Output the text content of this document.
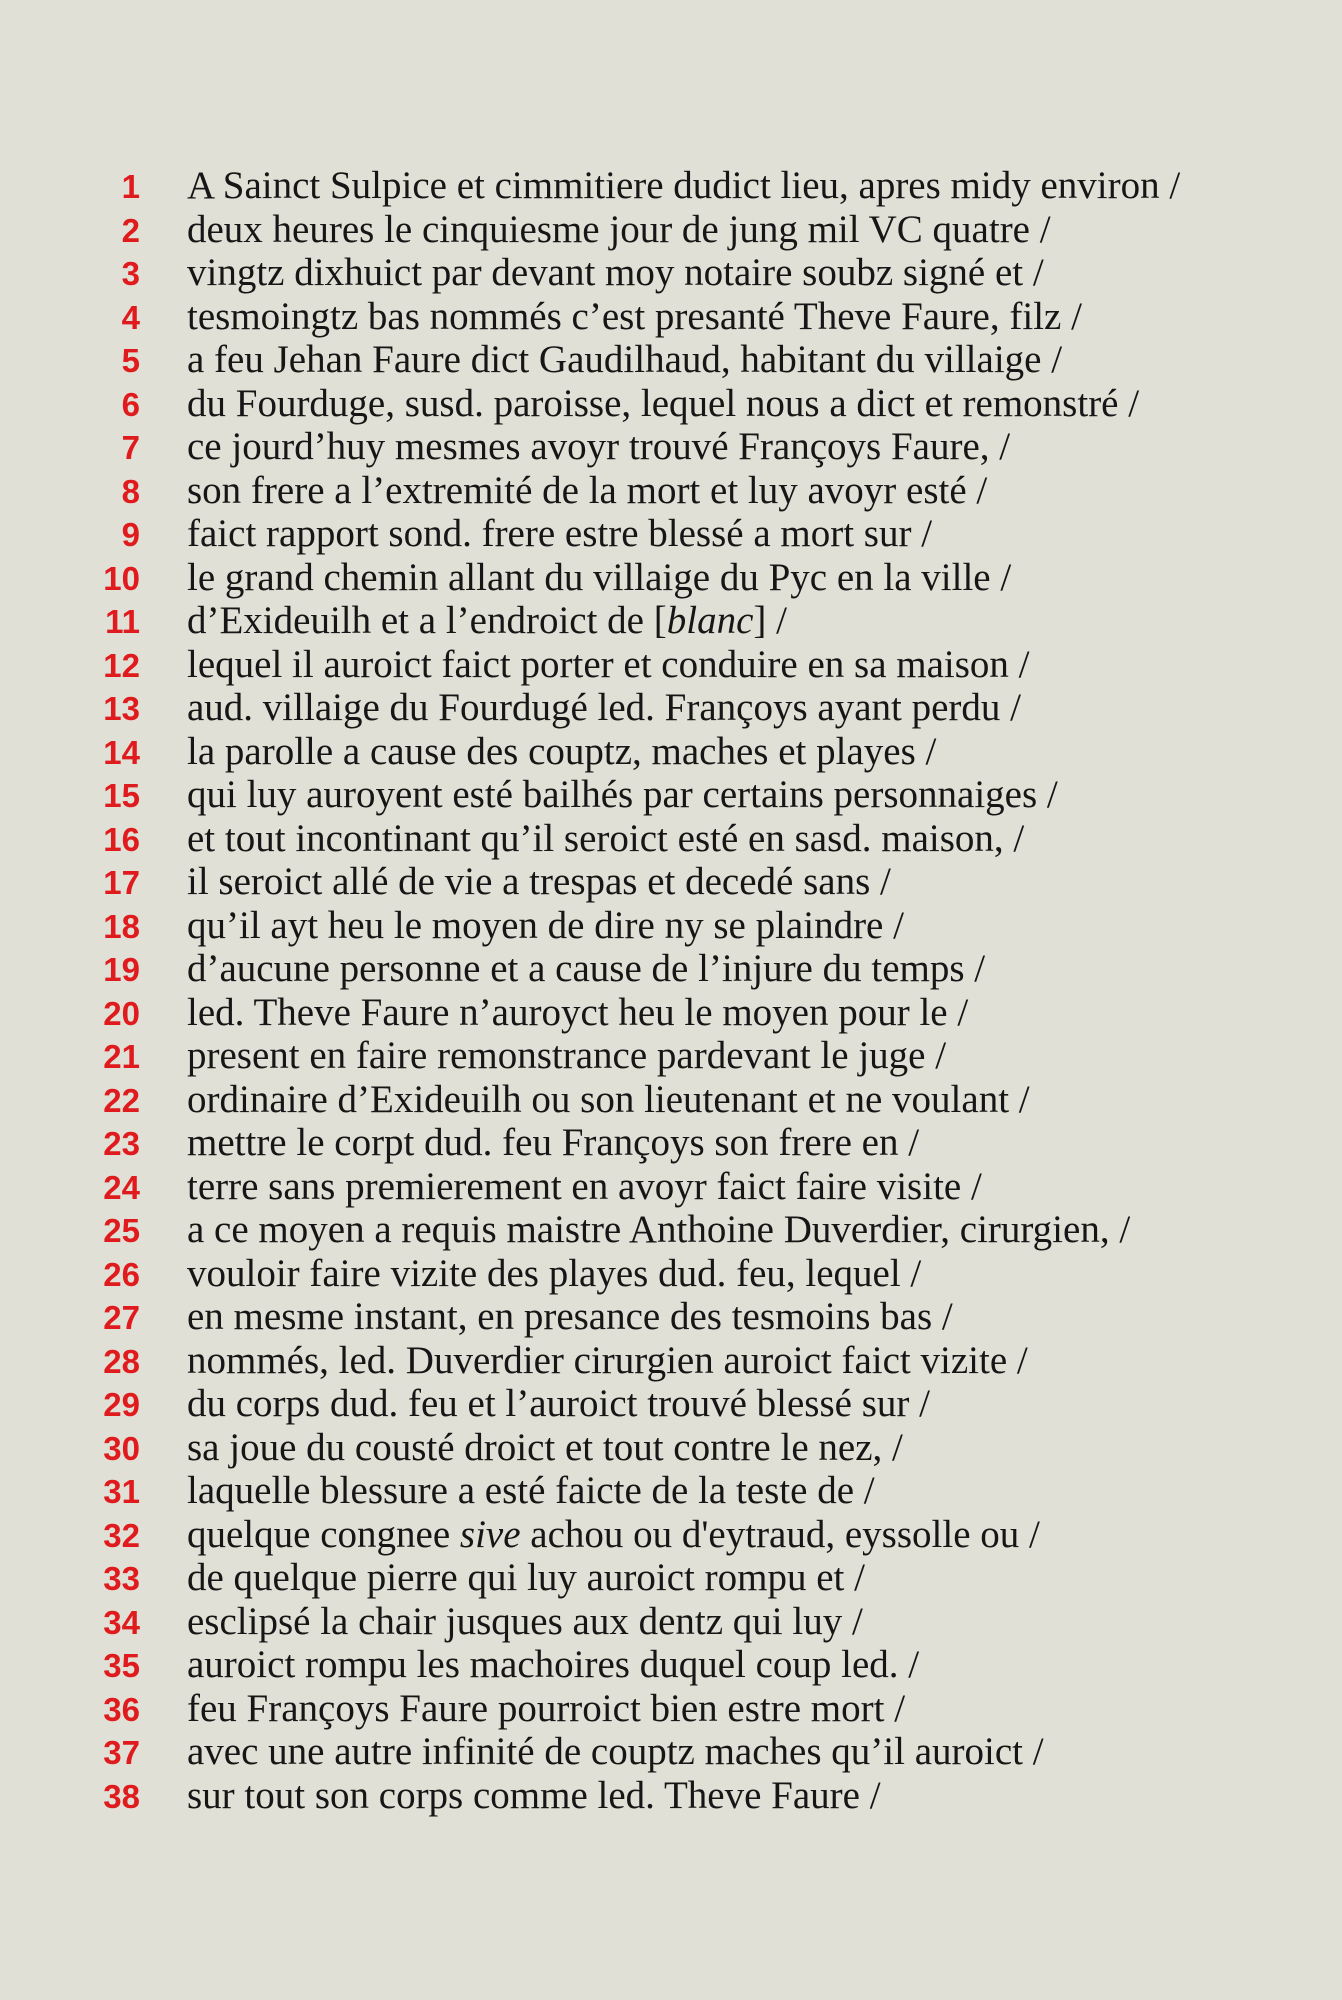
1 A Sainct Sulpice et cimmitiere dudict lieu, apres midy environ /
2 deux heures le cinquiesme jour de jung mil VC quatre /
3 vingtz dixhuict par devant moy notaire soubz signé et /
4 tesmoingtz bas nommés c’est presanté Theve Faure, filz /
5 a feu Jehan Faure dict Gaudilhaud, habitant du villaige /
6 du Fourduge, susd. paroisse, lequel nous a dict et remonstré /
7 ce jourd’huy mesmes avoyr trouvé Françoys Faure, /
8 son frere a l’extremité de la mort et luy avoyr esté /
9 faict rapport sond. frere estre blessé a mort sur /
10 le grand chemin allant du villaige du Pyc en la ville /
11 d’Exideuilh et a l’endroict de [blanc] /
12 lequel il auroict faict porter et conduire en sa maison /
13 aud. villaige du Fourdugé led. Françoys ayant perdu /
14 la parolle a cause des couptz, maches et playes /
15 qui luy auroyent esté bailhés par certains personnaiges /
16 et tout incontinant qu’il seroict esté en sasd. maison, /
17 il seroict allé de vie a trespas et decedé sans /
18 qu’il ayt heu le moyen de dire ny se plaindre /
19 d’aucune personne et a cause de l’injure du temps /
20 led. Theve Faure n’auroyct heu le moyen pour le /
21 present en faire remonstrance pardevant le juge /
22 ordinaire d’Exideuilh ou son lieutenant et ne voulant /
23 mettre le corpt dud. feu Françoys son frere en /
24 terre sans premierement en avoyr faict faire visite /
25 a ce moyen a requis maistre Anthoine Duverdier, cirurgien, /
26 vouloir faire vizite des playes dud. feu, lequel /
27 en mesme instant, en presance des tesmoins bas /
28 nommés, led. Duverdier cirurgien auroict faict vizite /
29 du corps dud. feu et l’auroict trouvé blessé sur /
30 sa joue du cousté droict et tout contre le nez, /
31 laquelle blessure a esté faicte de la teste de /
32 quelque congnee sive achou ou d'eytraud, eyssolle ou /
33 de quelque pierre qui luy auroict rompu et /
34 esclipsé la chair jusques aux dentz qui luy /
35 auroict rompu les machoires duquel coup led. /
36 feu Françoys Faure pourroict bien estre mort /
37 avec une autre infinité de couptz maches qu’il auroict /
38 sur tout son corps comme led. Theve Faure /
